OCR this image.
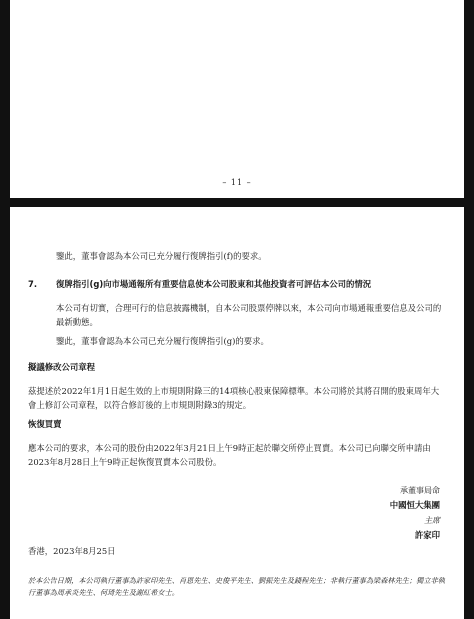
– 11 –

鑒此，董事會認為本公司已充分履行復牌指引(f)的要求。

7. 復牌指引(g)向市場通報所有重要信息使本公司股東和其他投資者可評估本公司的情況

本公司有切實，合理可行的信息披露機制，自本公司股票停牌以來，本公司向市場通報重要信息及公司的最新動態。

鑒此，董事會認為本公司已充分履行復牌指引(g)的要求。

擬議修改公司章程

茲提述於2022年1月1日起生效的上市規則附錄三的14項核心股東保障標準。本公司將於其將召開的股東周年大會上修訂公司章程，以符合修訂後的上市規則附錄3的規定。

恢復買賣

應本公司的要求，本公司的股份由2022年3月21日上午9時正起於聯交所停止買賣。本公司已向聯交所申請由2023年8月28日上午9時正起恢復買賣本公司股份。

承董事局命
中國恒大集團
主席
許家印

香港，2023年8月25日

於本公告日期，本公司執行董事為許家印先生、肖恩先生、史俊平先生、劉振先生及錢程先生；非執行董事為梁森林先生；獨立非執行董事為周承炎先生、何琦先生及謝紅希女士。
